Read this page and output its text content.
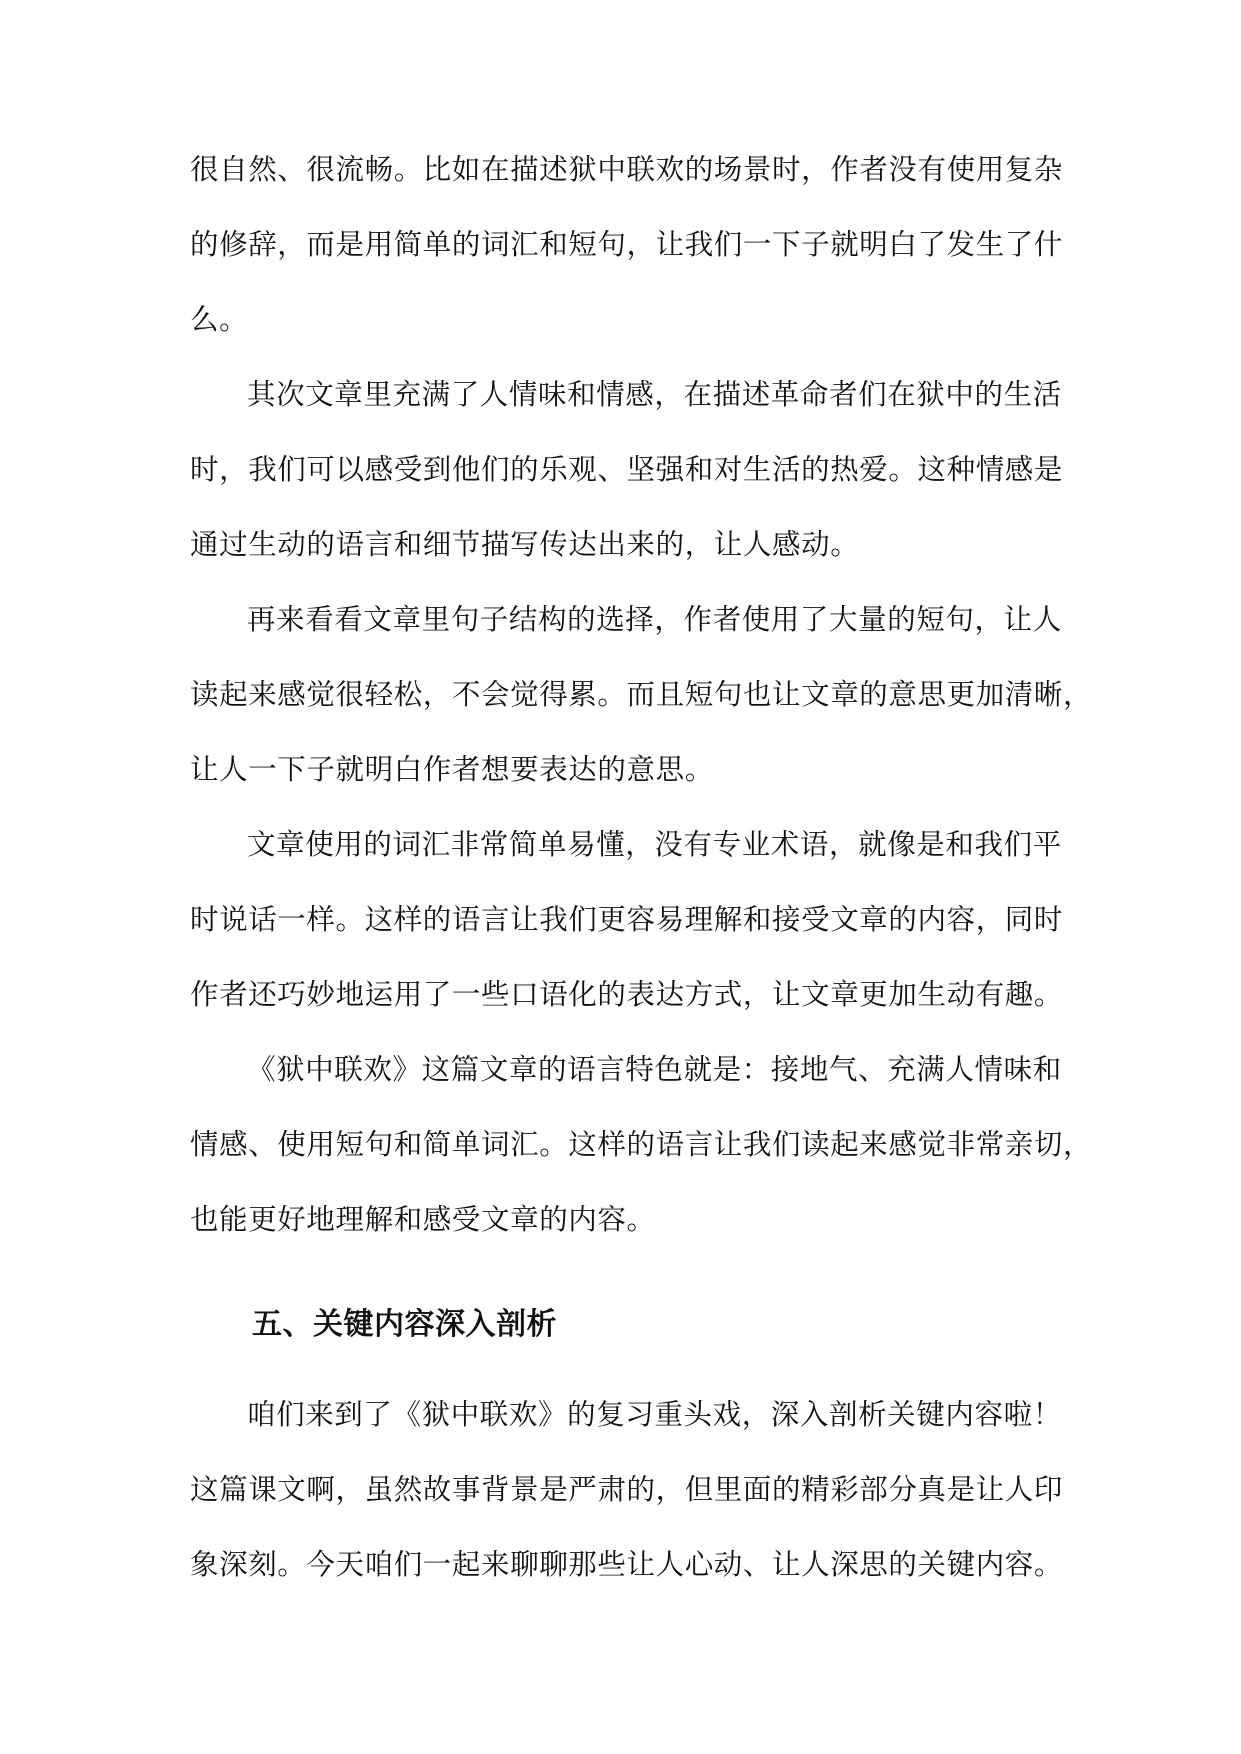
很自然、很流畅。比如在描述狱中联欢的场景时，作者没有使用复杂
的修辞，而是用简单的词汇和短句，让我们一下子就明白了发生了什
么。
其次文章里充满了人情味和情感，在描述革命者们在狱中的生活
时，我们可以感受到他们的乐观、坚强和对生活的热爱。这种情感是
通过生动的语言和细节描写传达出来的，让人感动。
再来看看文章里句子结构的选择，作者使用了大量的短句，让人
读起来感觉很轻松，不会觉得累。而且短句也让文章的意思更加清晰，
让人一下子就明白作者想要表达的意思。
文章使用的词汇非常简单易懂，没有专业术语，就像是和我们平
时说话一样。这样的语言让我们更容易理解和接受文章的内容，同时
作者还巧妙地运用了一些口语化的表达方式，让文章更加生动有趣。
《狱中联欢》这篇文章的语言特色就是：接地气、充满人情味和
情感、使用短句和简单词汇。这样的语言让我们读起来感觉非常亲切，
也能更好地理解和感受文章的内容。
五、关键内容深入剖析
咱们来到了《狱中联欢》的复习重头戏，深入剖析关键内容啦！
这篇课文啊，虽然故事背景是严肃的，但里面的精彩部分真是让人印
象深刻。今天咱们一起来聊聊那些让人心动、让人深思的关键内容。
